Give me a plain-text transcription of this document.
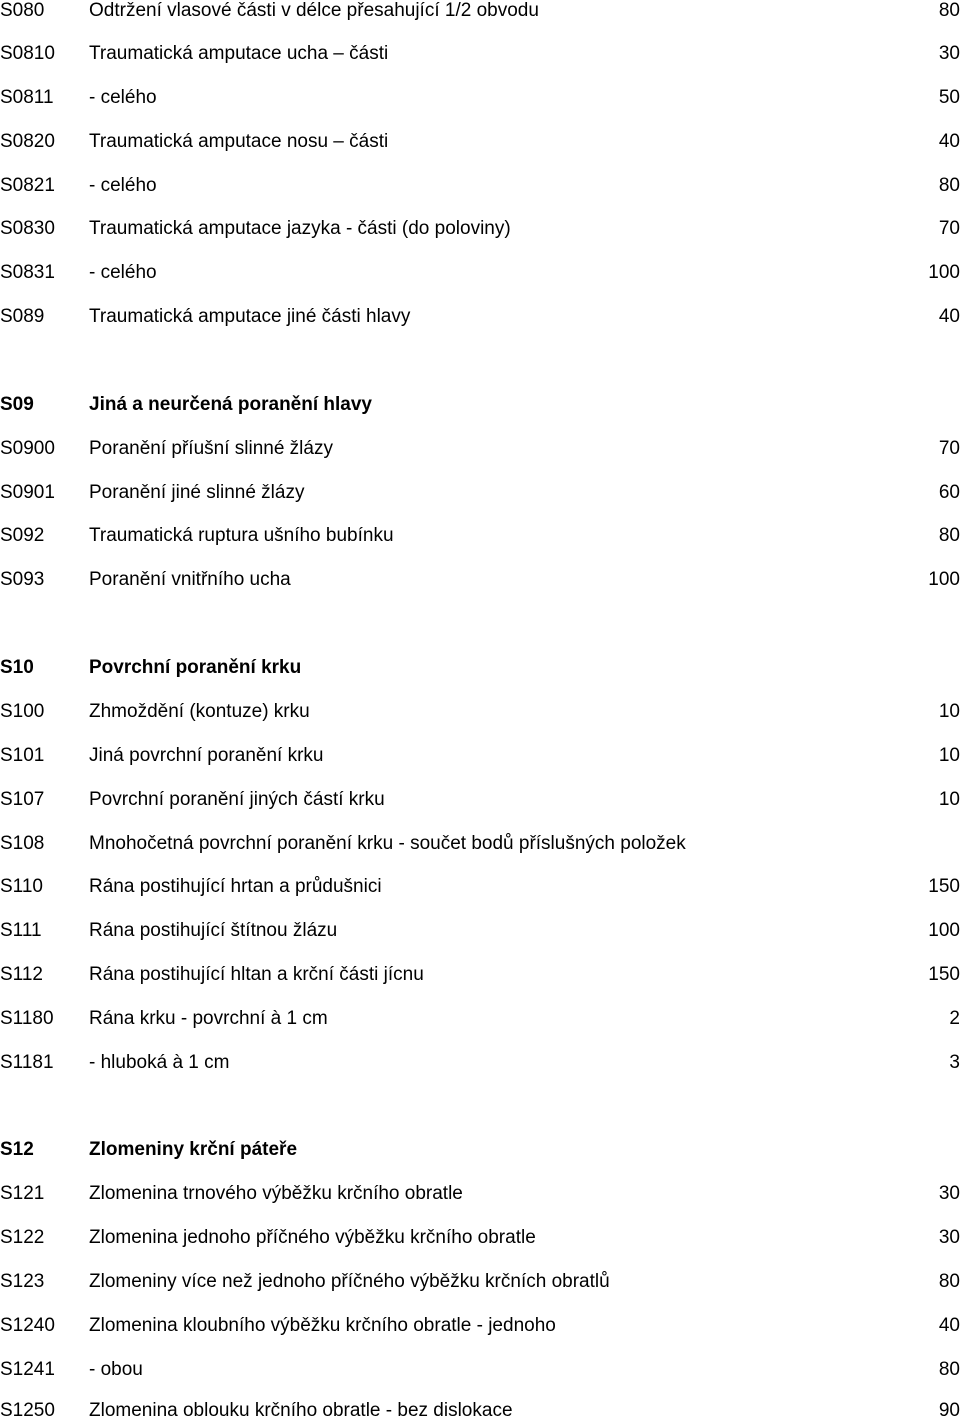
S080 Odtržení vlasové části v délce přesahující 1/2 obvodu	80
S0810 Traumatická amputace ucha – části	30
S0811 - celého	50
S0820 Traumatická amputace nosu – části	40
S0821 - celého	80
S0830 Traumatická amputace jazyka - části (do poloviny)	70
S0831 - celého	100
S089 Traumatická amputace jiné části hlavy	40
S09	Jiná a neurčená poranění hlavy
S0900 Poranění příušní slinné žlázy	70
S0901 Poranění jiné slinné žlázy	60
S092 Traumatická ruptura ušního bubínku	80
S093 Poranění vnitřního ucha	100
S10	Povrchní poranění krku
S100 Zhmoždění (kontuze) krku	10
S101 Jiná povrchní poranění krku	10
S107 Povrchní poranění jiných částí krku	10
S108 Mnohočetná povrchní poranění krku - součet bodů příslušných položek
S110 Rána postihující hrtan a průdušnici	150
S111 Rána postihující štítnou žlázu	100
S112 Rána postihující hltan a krční části jícnu	150
S1180 Rána krku - povrchní à 1 cm	2
S1181 - hluboká à 1 cm	3
S12	Zlomeniny krční páteře
S121 Zlomenina trnového výběžku krčního obratle	30
S122 Zlomenina jednoho příčného výběžku krčního obratle	30
S123 Zlomeniny více než jednoho příčného výběžku krčních obratlů	80
S1240 Zlomenina kloubního výběžku krčního obratle - jednoho	40
S1241 - obou	80
S1250 Zlomenina oblouku krčního obratle - bez dislokace	90
